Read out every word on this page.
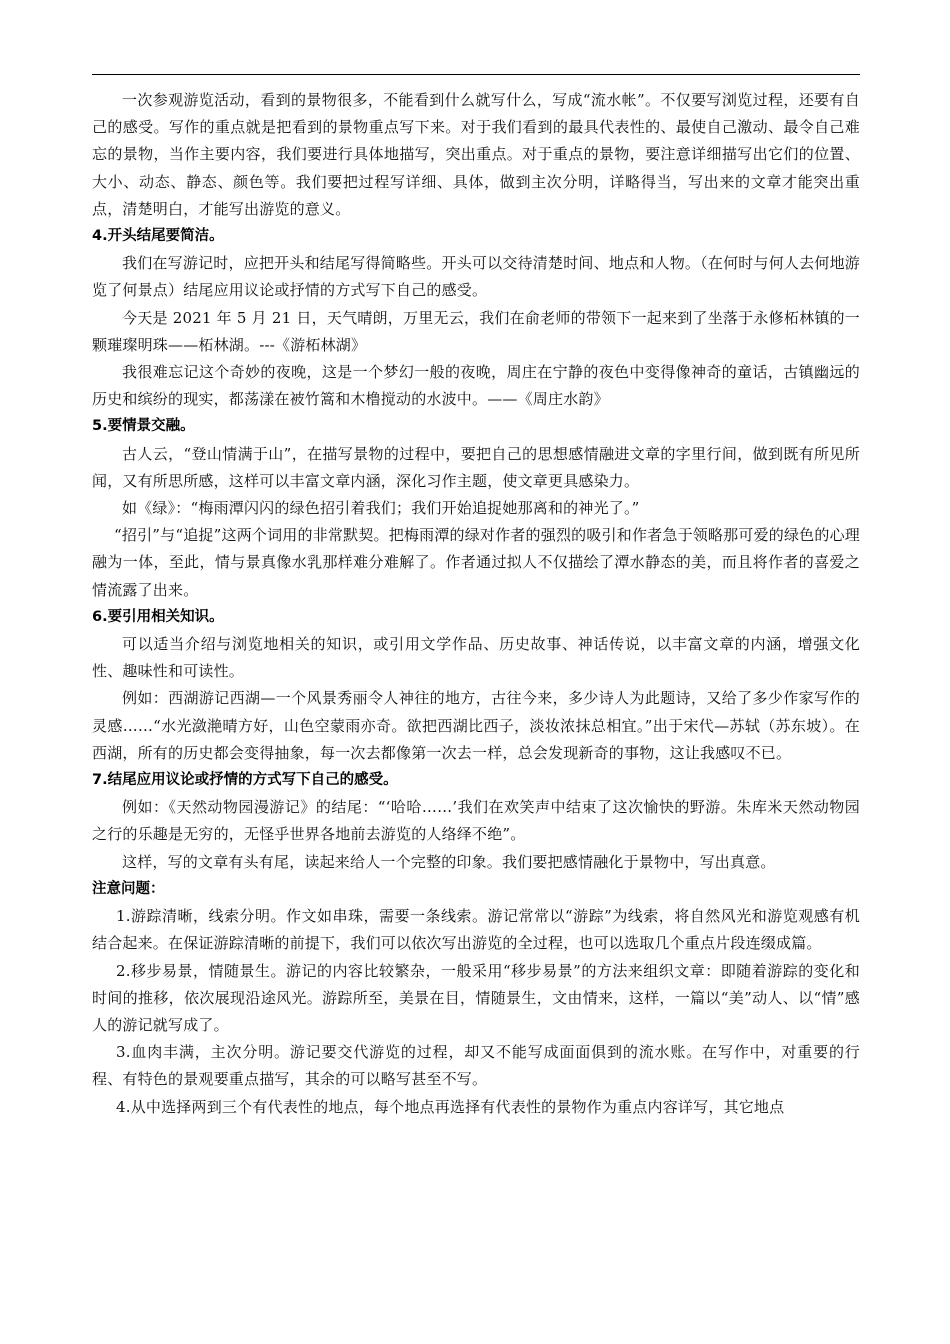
一次参观游览活动，看到的景物很多，不能看到什么就写什么，写成“流水帐”。不仅要写浏览过程，还要有自己的感受。写作的重点就是把看到的景物重点写下来。对于我们看到的最具代表性的、最使自己激动、最令自己难忘的景物，当作主要内容，我们要进行具体地描写，突出重点。对于重点的景物，要注意详细描写出它们的位置、大小、动态、静态、颜色等。我们要把过程写详细、具体，做到主次分明，详略得当，写出来的文章才能突出重点，清楚明白，才能写出游览的意义。

4.开头结尾要简洁。

我们在写游记时，应把开头和结尾写得简略些。开头可以交待清楚时间、地点和人物。（在何时与何人去何地游览了何景点）结尾应用议论或抒情的方式写下自己的感受。

今天是 2021 年 5 月 21 日，天气晴朗，万里无云，我们在俞老师的带领下一起来到了坐落于永修柘林镇的一颗璀璨明珠——柘林湖。---《游柘林湖》

我很难忘记这个奇妙的夜晚，这是一个梦幻一般的夜晚，周庄在宁静的夜色中变得像神奇的童话，古镇幽远的历史和缤纷的现实，都荡漾在被竹篙和木橹搅动的水波中。——《周庄水韵》

5.要情景交融。

古人云，“登山情满于山”，在描写景物的过程中，要把自己的思想感情融进文章的字里行间，做到既有所见所闻，又有所思所感，这样可以丰富文章内涵，深化习作主题，使文章更具感染力。

如《绿》：“梅雨潭闪闪的绿色招引着我们；我们开始追捉她那离和的神光了。”

“招引”与“追捉”这两个词用的非常默契。把梅雨潭的绿对作者的强烈的吸引和作者急于领略那可爱的绿色的心理融为一体，至此，情与景真像水乳那样难分难解了。作者通过拟人不仅描绘了潭水静态的美，而且将作者的喜爱之情流露了出来。

6.要引用相关知识。

可以适当介绍与浏览地相关的知识，或引用文学作品、历史故事、神话传说，以丰富文章的内涵，增强文化性、趣味性和可读性。

例如：西湖游记西湖—一个风景秀丽令人神往的地方，古往今来，多少诗人为此题诗，又给了多少作家写作的灵感……“水光潋滟晴方好，山色空蒙雨亦奇。欲把西湖比西子，淡妆浓抹总相宜。”出于宋代—苏轼（苏东坡）。在西湖，所有的历史都会变得抽象，每一次去都像第一次去一样，总会发现新奇的事物，这让我感叹不已。

7.结尾应用议论或抒情的方式写下自己的感受。

例如：《天然动物园漫游记》的结尾：“‘哈哈……’我们在欢笑声中结束了这次愉快的野游。朱库米天然动物园之行的乐趣是无穷的，无怪乎世界各地前去游览的人络绎不绝”。

这样，写的文章有头有尾，读起来给人一个完整的印象。我们要把感情融化于景物中，写出真意。

注意问题：

1.游踪清晰，线索分明。作文如串珠，需要一条线索。游记常常以“游踪”为线索，将自然风光和游览观感有机结合起来。在保证游踪清晰的前提下，我们可以依次写出游览的全过程，也可以选取几个重点片段连缀成篇。

2.移步易景，情随景生。游记的内容比较繁杂，一般采用“移步易景”的方法来组织文章：即随着游踪的变化和时间的推移，依次展现沿途风光。游踪所至，美景在目，情随景生，文由情来，这样，一篇以“美”动人、以“情”感人的游记就写成了。

3.血肉丰满，主次分明。游记要交代游览的过程，却又不能写成面面俱到的流水账。在写作中，对重要的行程、有特色的景观要重点描写，其余的可以略写甚至不写。

4.从中选择两到三个有代表性的地点，每个地点再选择有代表性的景物作为重点内容详写，其它地点
